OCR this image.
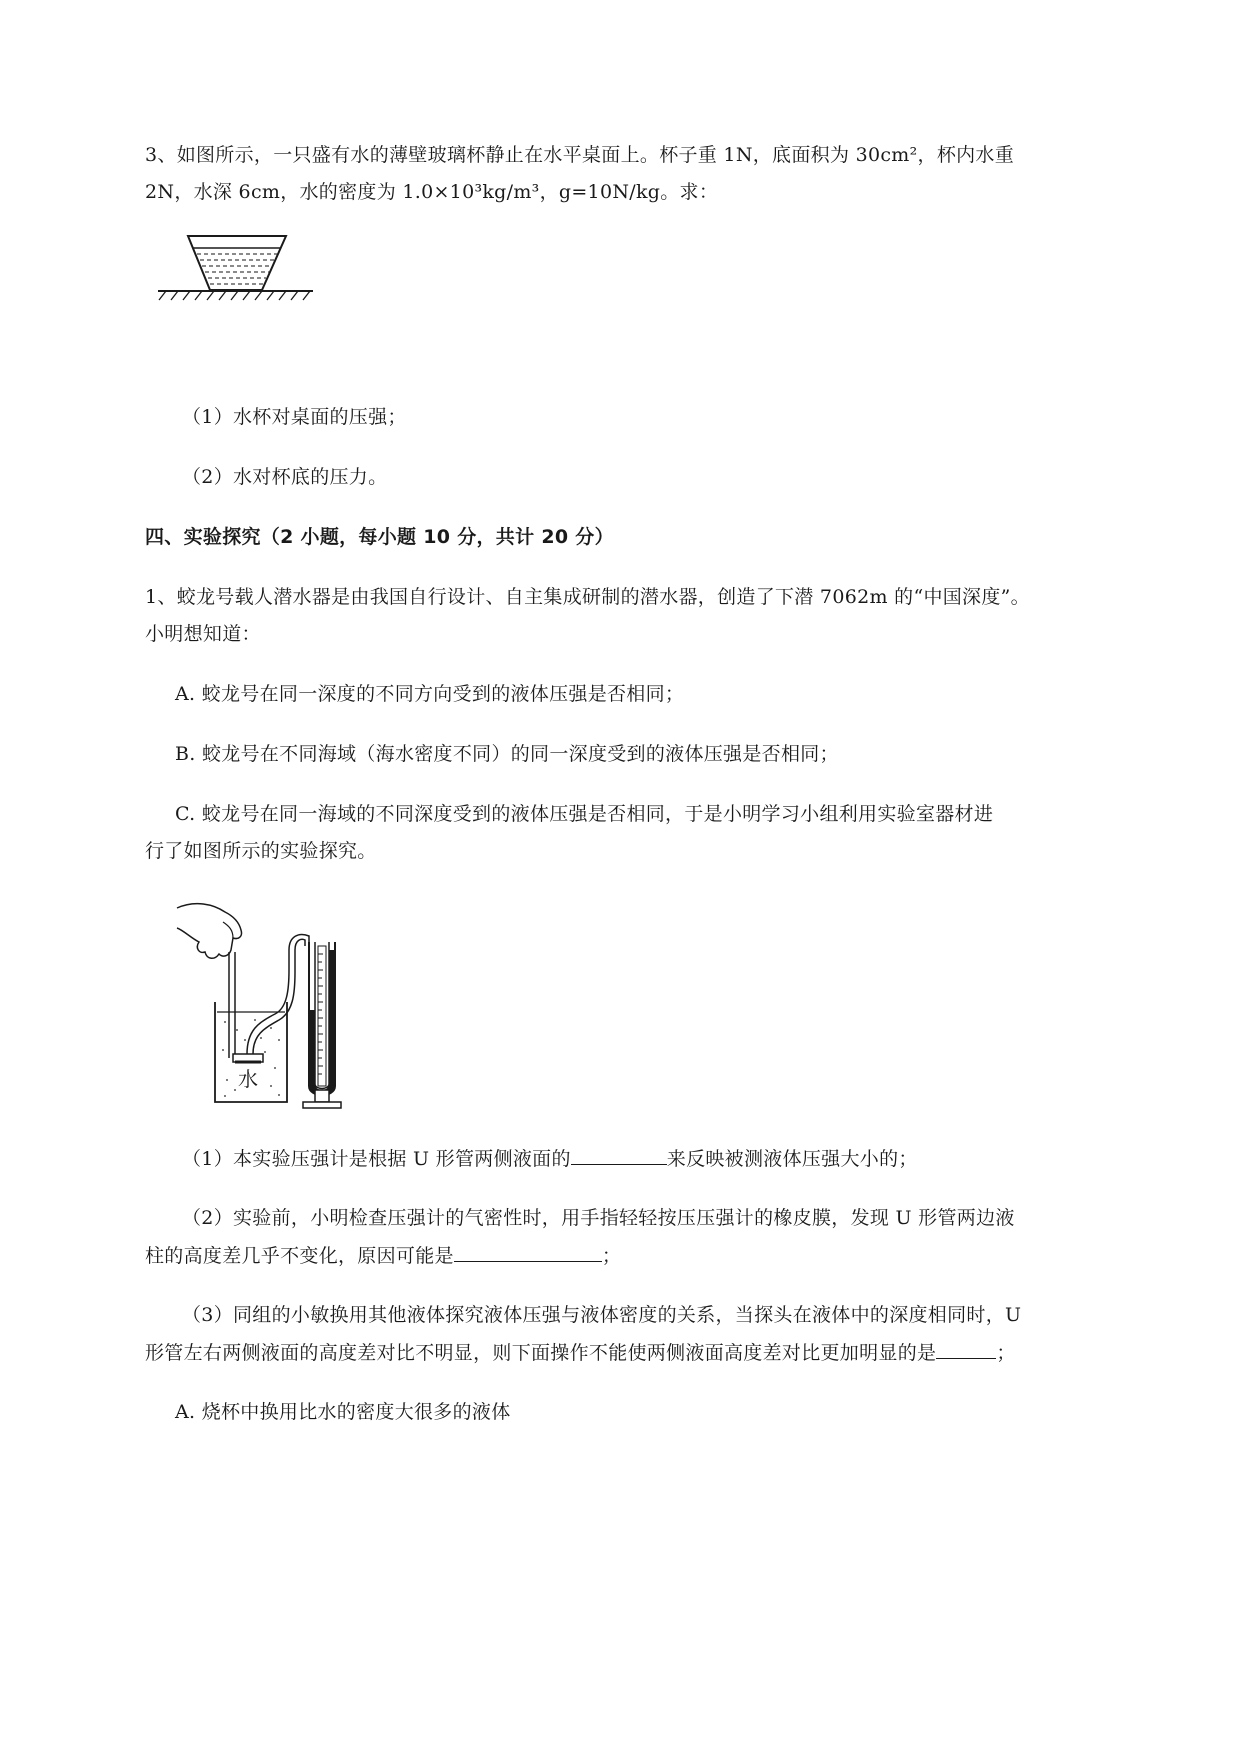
3、如图所示，一只盛有水的薄壁玻璃杯静止在水平桌面上。杯子重 1N，底面积为 30cm²，杯内水重
2N，水深 6cm，水的密度为 1.0×10³kg/m³，g=10N/kg。求：
（1）水杯对桌面的压强；
（2）水对杯底的压力。
四、实验探究（2 小题，每小题 10 分，共计 20 分）
1、蛟龙号载人潜水器是由我国自行设计、自主集成研制的潜水器，创造了下潜 7062m 的“中国深度”。
小明想知道：
A. 蛟龙号在同一深度的不同方向受到的液体压强是否相同；
B. 蛟龙号在不同海域（海水密度不同）的同一深度受到的液体压强是否相同；
C. 蛟龙号在同一海域的不同深度受到的液体压强是否相同，于是小明学习小组利用实验室器材进
行了如图所示的实验探究。
水
（1）本实验压强计是根据 U 形管两侧液面的	来反映被测液体压强大小的；
（2）实验前，小明检查压强计的气密性时，用手指轻轻按压压强计的橡皮膜，发现 U 形管两边液
柱的高度差几乎不变化，原因可能是	；
（3）同组的小敏换用其他液体探究液体压强与液体密度的关系，当探头在液体中的深度相同时，U
形管左右两侧液面的高度差对比不明显，则下面操作不能使两侧液面高度差对比更加明显的是	；
A. 烧杯中换用比水的密度大很多的液体
